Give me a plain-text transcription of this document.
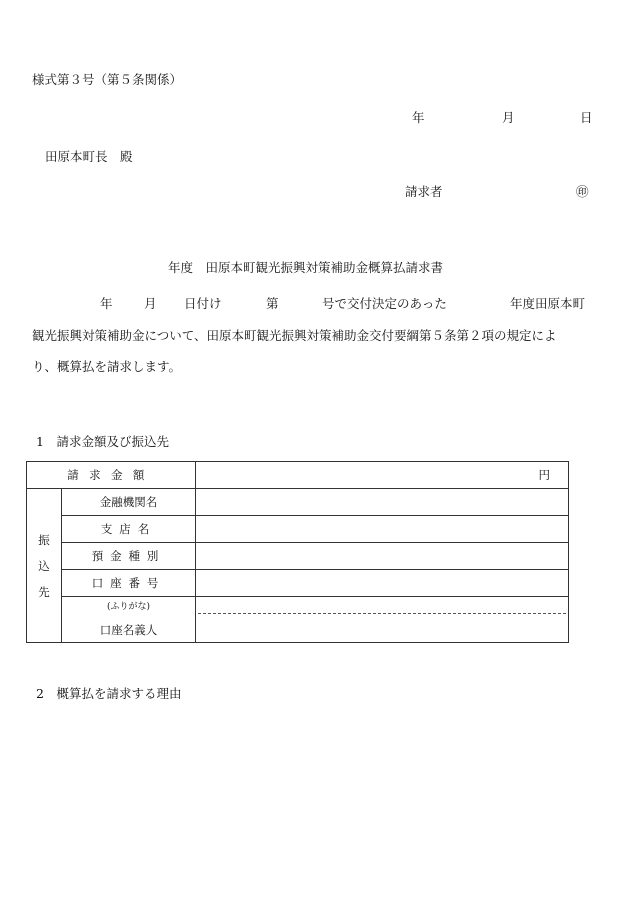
様式第３号（第５条関係）
年	月	日
田原本町長　殿
請求者	㊞
年度　田原本町観光振興対策補助金概算払請求書
年	月 日付け	第	号で交付決定のあった	年度田原本町
観光振興対策補助金について、田原本町観光振興対策補助金交付要綱第５条第２項の規定によ
り、概算払を請求します。
1　請求金額及び振込先
請求金額		円

振
込
先	金融機関名	
	支店名	
	預金種別	
	口座番号	

	(ふりがな)
口座名義人	

2　概算払を請求する理由
